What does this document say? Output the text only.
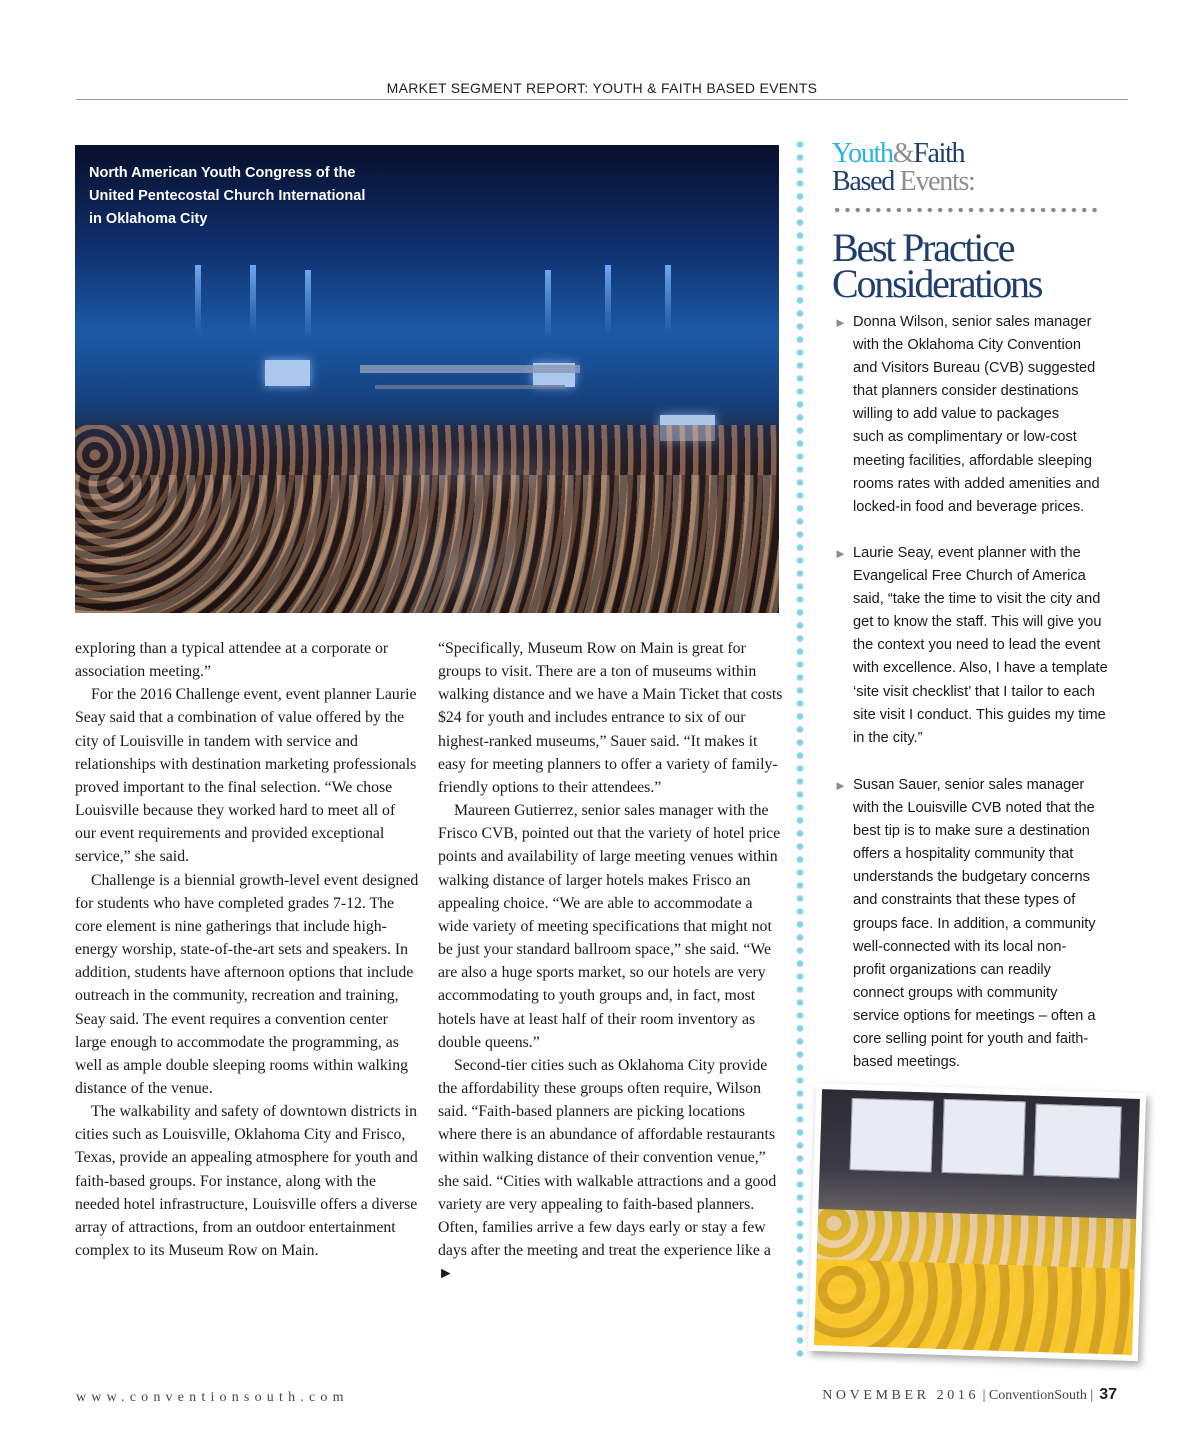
MARKET SEGMENT REPORT: YOUTH & FAITH BASED EVENTS
North American Youth Congress of the
United Pentecostal Church International
in Oklahoma City

exploring than a typical attendee at a corporate or association meeting.”

For the 2016 Challenge event, event planner Laurie Seay said that a combination of value offered by the city of Louisville in tandem with service and relationships with destination marketing professionals proved important to the final selection. “We chose Louisville because they worked hard to meet all of our event requirements and provided exceptional service,” she said.

Challenge is a biennial growth-level event designed for students who have completed grades 7-12. The core element is nine gatherings that include high-energy worship, state-of-the-art sets and speakers. In addition, students have afternoon options that include outreach in the community, recreation and training, Seay said. The event requires a convention center large enough to accommodate the programming, as well as ample double sleeping rooms within walking distance of the venue.

The walkability and safety of downtown districts in cities such as Louisville, Oklahoma City and Frisco, Texas, provide an appealing atmosphere for youth and faith-based groups. For instance, along with the needed hotel infrastructure, Louisville offers a diverse array of attractions, from an outdoor entertainment complex to its Museum Row on Main.

“Specifically, Museum Row on Main is great for groups to visit. There are a ton of museums within walking distance and we have a Main Ticket that costs $24 for youth and includes entrance to six of our highest-ranked museums,” Sauer said. “It makes it easy for meeting planners to offer a variety of family-friendly options to their attendees.”

Maureen Gutierrez, senior sales manager with the Frisco CVB, pointed out that the variety of hotel price points and availability of large meeting venues within walking distance of larger hotels makes Frisco an appealing choice. “We are able to accommodate a wide variety of meeting specifications that might not be just your standard ballroom space,” she said. “We are also a huge sports market, so our hotels are very accommodating to youth groups and, in fact, most hotels have at least half of their room inventory as double queens.”

Second-tier cities such as Oklahoma City provide the affordability these groups often require, Wilson said. “Faith-based planners are picking locations where there is an abundance of affordable restaurants within walking distance of their convention venue,” she said. “Cities with walkable attractions and a good variety are very appealing to faith-based planners. Often, families arrive a few days early or stay a few days after the meeting and treat the experience like a ►

Youth&Faith
Based Events:
Best Practice
Considerations
► Donna Wilson, senior sales manager
with the Oklahoma City Convention
and Visitors Bureau (CVB) suggested
that planners consider destinations
willing to add value to packages
such as complimentary or low-cost
meeting facilities, affordable sleeping
rooms rates with added amenities and
locked-in food and beverage prices.
► Laurie Seay, event planner with the
Evangelical Free Church of America
said, “take the time to visit the city and
get to know the staff. This will give you
the context you need to lead the event
with excellence. Also, I have a template
‘site visit checklist’ that I tailor to each
site visit I conduct. This guides my time
in the city.”
► Susan Sauer, senior sales manager
with the Louisville CVB noted that the
best tip is to make sure a destination
offers a hospitality community that
understands the budgetary concerns
and constraints that these types of
groups face. In addition, a community
well-connected with its local non-
profit organizations can readily
connect groups with community
service options for meetings – often a
core selling point for youth and faith-
based meetings.
www.conventionsouth.com	NOVEMBER 2016 | ConventionSouth | 37
